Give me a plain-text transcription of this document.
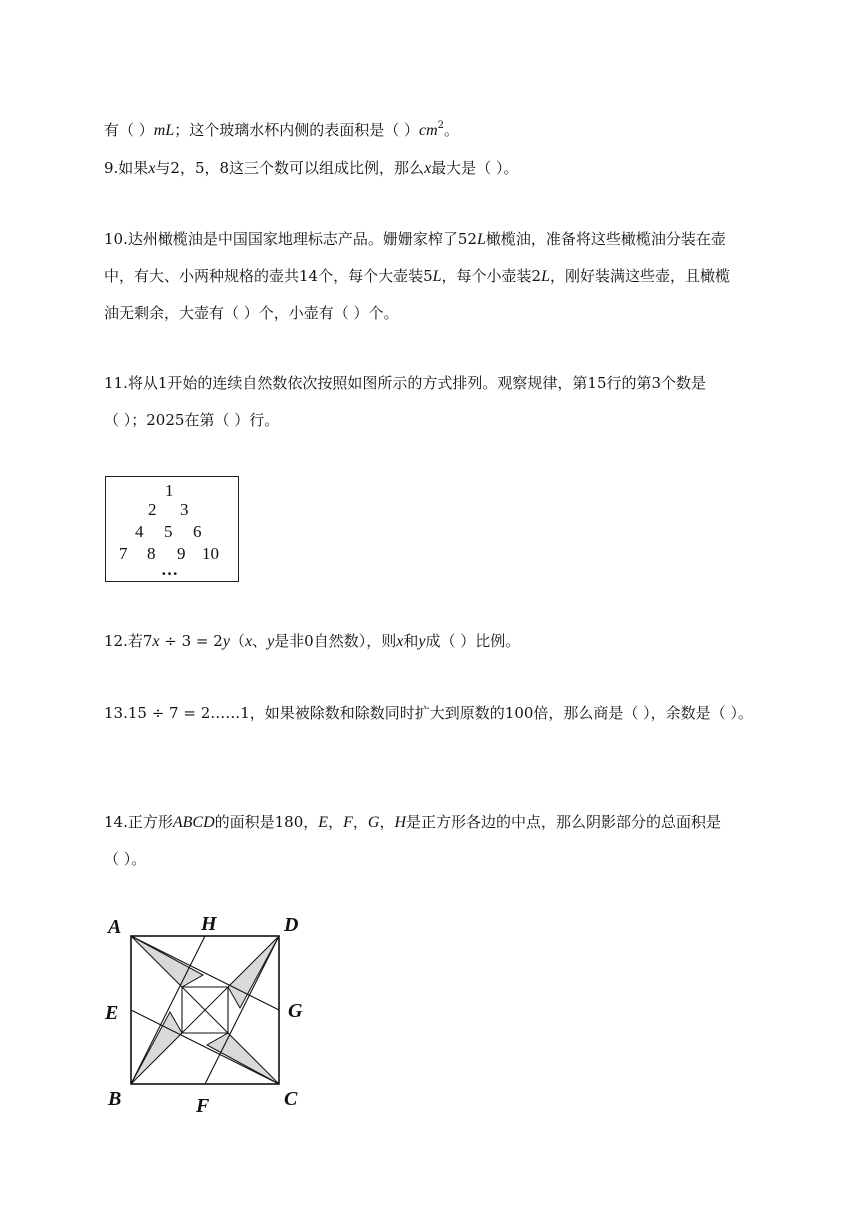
有（ ）mL；这个玻璃水杯内侧的表面积是（ ）$cm^2$。
9.如果x与2，5，8这三个数可以组成比例，那么x最大是（ ）。
10.达州橄榄油是中国国家地理标志产品。姗姗家榨了52L橄榄油，准备将这些橄榄油分装在壶
中，有大、小两种规格的壶共14个，每个大壶装5L，每个小壶装2L，刚好装满这些壶，且橄榄
油无剩余，大壶有（ ）个，小壶有（ ）个。
11.将从1开始的连续自然数依次按照如图所示的方式排列。观察规律，第15行的第3个数是
（ ）；2025在第（ ）行。
1
2 3
4 5 6
7 8 9 10
…
12.若7x ÷ 3 = 2y（x、y是非0自然数），则x和y成（ ）比例。
13.15 ÷ 7 = 2……1，如果被除数和除数同时扩大到原数的100倍，那么商是（ ），余数是（ ）。
14.正方形ABCD的面积是180，E，F，G，H是正方形各边的中点，那么阴影部分的总面积是
（ ）。
A	H	D
E	G
B	F	C
